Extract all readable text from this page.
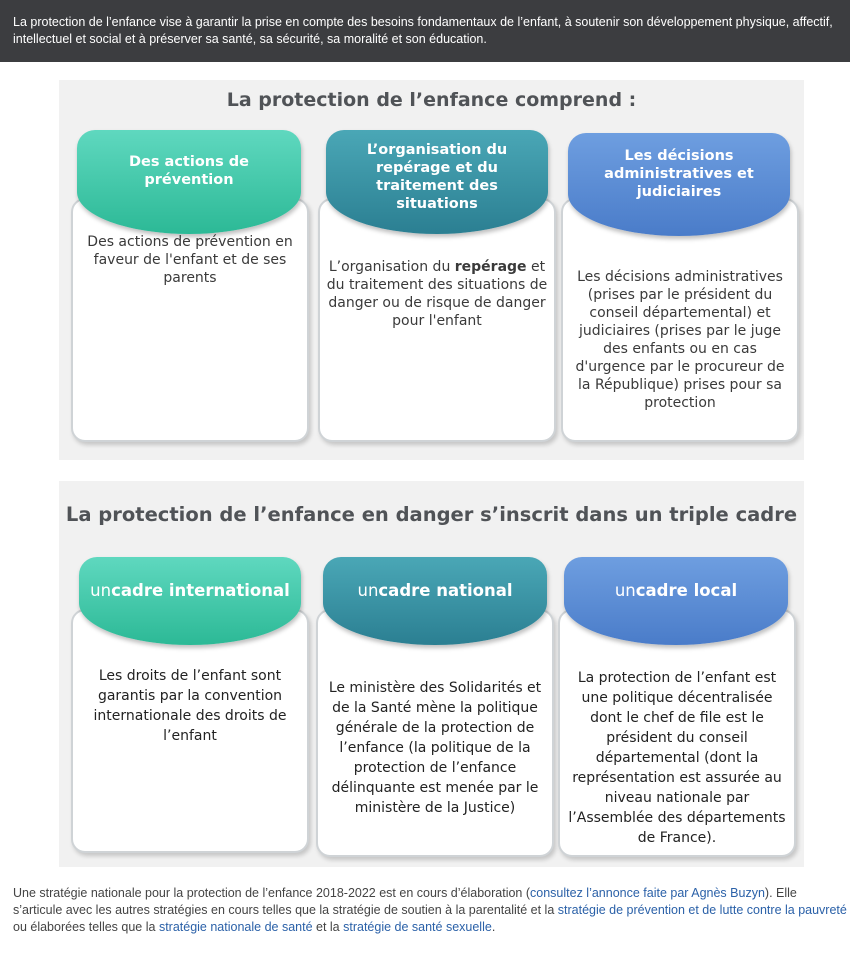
La protection de l’enfance vise à garantir la prise en compte des besoins fondamentaux de l’enfant, à soutenir son développement physique, affectif, intellectuel et social et à préserver sa santé, sa sécurité, sa moralité et son éducation.
La protection de l’enfance comprend :
Des actions de prévention en faveur de l'enfant et de ses parents
Des actions de prévention
L’organisation du repérage et du traitement des situations de danger ou de risque de danger pour l'enfant
L’organisation du repérage et du traitement des situations
Les décisions administratives (prises par le président du conseil départemental) et judiciaires (prises par le juge des enfants ou en cas d'urgence par le procureur de la République) prises pour sa protection
Les décisions administratives et judiciaires
La protection de l’enfance en danger s’inscrit dans un triple cadre
Les droits de l’enfant sont garantis par la convention internationale des droits de l’enfant
un cadre international
Le ministère des Solidarités et de la Santé mène la politique générale de la protection de l’enfance (la politique de la protection de l’enfance délinquante est menée par le ministère de la Justice)
un cadre national
La protection de l’enfant est une politique décentralisée dont le chef de file est le président du conseil départemental (dont la représentation est assurée au niveau nationale par l’Assemblée des départements de France).
un cadre local
Une stratégie nationale pour la protection de l’enfance 2018-2022 est en cours d’élaboration (consultez l’annonce faite par Agnès Buzyn). Elle s’articule avec les autres stratégies en cours telles que la stratégie de soutien à la parentalité et la stratégie de prévention et de lutte contre la pauvreté ou élaborées telles que la stratégie nationale de santé et la stratégie de santé sexuelle.
